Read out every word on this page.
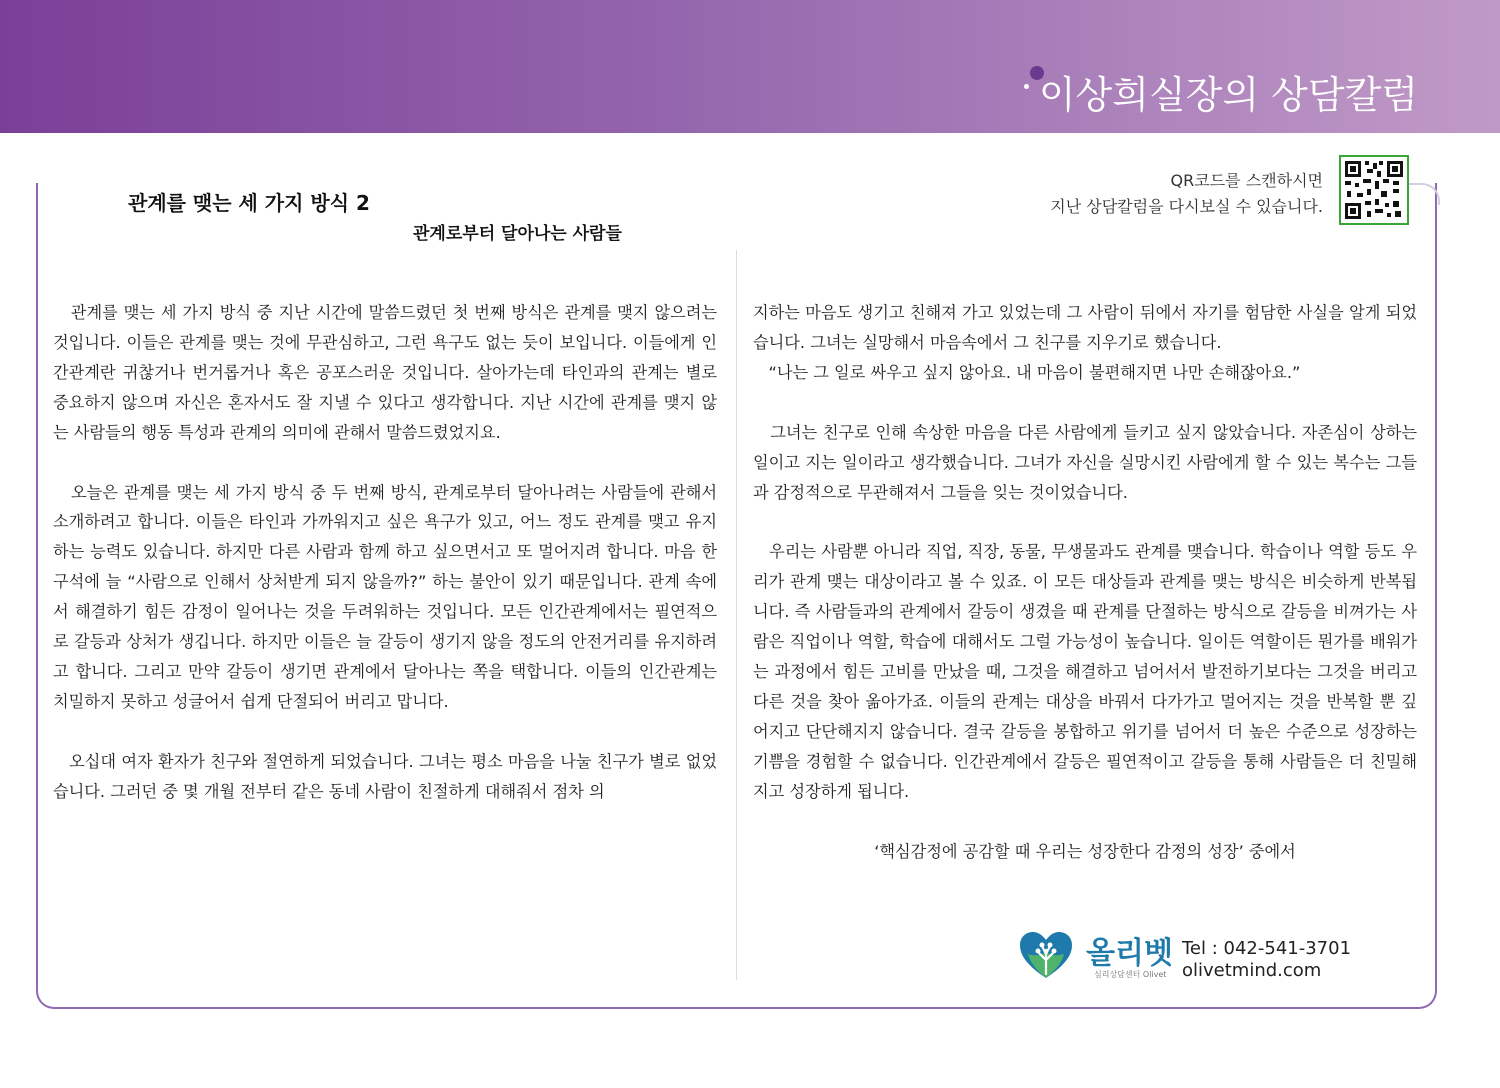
이상희실장의 상담칼럼
관계를 맺는 세 가지 방식 2
관계로부터 달아나는 사람들
QR코드를 스캔하시면
지난 상담칼럼을 다시보실 수 있습니다.

관계를 맺는 세 가지 방식 중 지난 시간에 말씀드렸던 첫 번째 방식은 관계를 맺지 않으려는 것입니다. 이들은 관계를 맺는 것에 무관심하고, 그런 욕구도 없는 듯이 보입니다. 이들에게 인간관계란 귀찮거나 번거롭거나 혹은 공포스러운 것입니다. 살아가는데 타인과의 관계는 별로 중요하지 않으며 자신은 혼자서도 잘 지낼 수 있다고 생각합니다. 지난 시간에 관계를 맺지 않는 사람들의 행동 특성과 관계의 의미에 관해서 말씀드렸었지요.

오늘은 관계를 맺는 세 가지 방식 중 두 번째 방식, 관계로부터 달아나려는 사람들에 관해서 소개하려고 합니다. 이들은 타인과 가까워지고 싶은 욕구가 있고, 어느 정도 관계를 맺고 유지하는 능력도 있습니다. 하지만 다른 사람과 함께 하고 싶으면서고 또 멀어지려 합니다. 마음 한구석에 늘 “사람으로 인해서 상처받게 되지 않을까?” 하는 불안이 있기 때문입니다. 관계 속에서 해결하기 힘든 감정이 일어나는 것을 두려워하는 것입니다. 모든 인간관계에서는 필연적으로 갈등과 상처가 생깁니다. 하지만 이들은 늘 갈등이 생기지 않을 정도의 안전거리를 유지하려고 합니다. 그리고 만약 갈등이 생기면 관계에서 달아나는 쪽을 택합니다. 이들의 인간관계는 치밀하지 못하고 성글어서 쉽게 단절되어 버리고 맙니다.

오십대 여자 환자가 친구와 절연하게 되었습니다. 그녀는 평소 마음을 나눌 친구가 별로 없었습니다. 그러던 중 몇 개월 전부터 같은 동네 사람이 친절하게 대해줘서 점차 의

지하는 마음도 생기고 친해져 가고 있었는데 그 사람이 뒤에서 자기를 험담한 사실을 알게 되었습니다. 그녀는 실망해서 마음속에서 그 친구를 지우기로 했습니다.

“나는 그 일로 싸우고 싶지 않아요. 내 마음이 불편해지면 나만 손해잖아요.”

그녀는 친구로 인해 속상한 마음을 다른 사람에게 들키고 싶지 않았습니다. 자존심이 상하는 일이고 지는 일이라고 생각했습니다. 그녀가 자신을 실망시킨 사람에게 할 수 있는 복수는 그들과 감정적으로 무관해져서 그들을 잊는 것이었습니다.

우리는 사람뿐 아니라 직업, 직장, 동물, 무생물과도 관계를 맺습니다. 학습이나 역할 등도 우리가 관계 맺는 대상이라고 볼 수 있죠. 이 모든 대상들과 관계를 맺는 방식은 비슷하게 반복됩니다. 즉 사람들과의 관계에서 갈등이 생겼을 때 관계를 단절하는 방식으로 갈등을 비껴가는 사람은 직업이나 역할, 학습에 대해서도 그럴 가능성이 높습니다. 일이든 역할이든 뭔가를 배워가는 과정에서 힘든 고비를 만났을 때, 그것을 해결하고 넘어서서 발전하기보다는 그것을 버리고 다른 것을 찾아 옮아가죠. 이들의 관계는 대상을 바꿔서 다가가고 멀어지는 것을 반복할 뿐 깊어지고 단단해지지 않습니다. 결국 갈등을 봉합하고 위기를 넘어서 더 높은 수준으로 성장하는 기쁨을 경험할 수 없습니다. 인간관계에서 갈등은 필연적이고 갈등을 통해 사람들은 더 친밀해지고 성장하게 됩니다.

‘핵심감정에 공감할 때 우리는 성장한다 감정의 성장’ 중에서

올리벳
심리상담센터 Olivet
Tel : 042-541-3701
olivetmind.com
